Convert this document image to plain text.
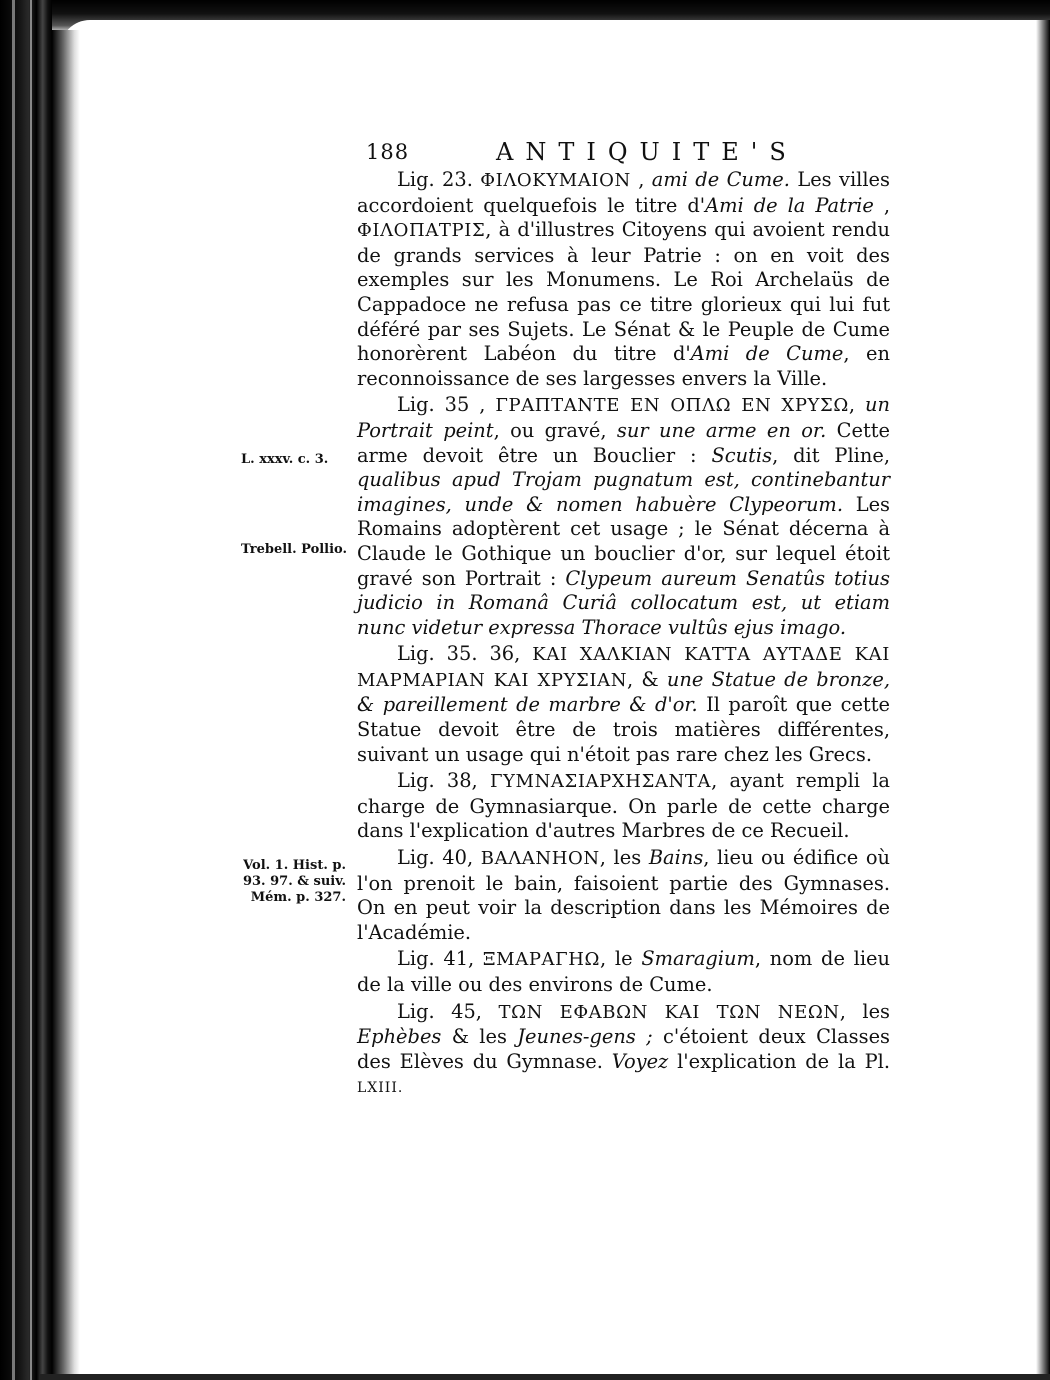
188	ANTIQUITE'S
L. xxxv. c. 3.
Trebell. Pollio.
Vol. 1. Hist. p. 93. 97. & suiv. Mém. p. 327.

Lig. 23. ΦΙΛΟΚΥΜΑΙΟΝ , ami de Cume. Les villes accordoient quelquefois le titre d'Ami de la Patrie , ΦΙΛΟΠΑΤΡΙΣ, à d'illustres Citoyens qui avoient rendu de grands services à leur Patrie : on en voit des exemples sur les Monumens. Le Roi Archelaüs de Cappadoce ne refusa pas ce titre glorieux qui lui fut déféré par ses Sujets. Le Sénat & le Peuple de Cume honorèrent Labéon du titre d'Ami de Cume, en reconnoissance de ses largesses envers la Ville.

Lig. 35 , ΓΡΑΠΤΑΝΤΕ ΕΝ ΟΠΛΩ ΕΝ ΧΡΥΣΩ, un Portrait peint, ou gravé, sur une arme en or. Cette arme devoit être un Bouclier : Scutis, dit Pline, qualibus apud Trojam pugnatum est, continebantur imagines, unde & nomen habuère Clypeorum. Les Romains adoptèrent cet usage ; le Sénat décerna à Claude le Gothique un bouclier d'or, sur lequel étoit gravé son Portrait : Clypeum aureum Senatûs totius judicio in Romanâ Curiâ collocatum est, ut etiam nunc videtur expressa Thorace vultûs ejus imago.

Lig. 35. 36, ΚΑΙ ΧΑΛΚΙΑΝ ΚΑΤΤΑ ΑΥΤΑΔΕ ΚΑΙ ΜΑΡΜΑΡΙΑΝ ΚΑΙ ΧΡΥΣΙΑΝ, & une Statue de bronze, & pareillement de marbre & d'or. Il paroît que cette Statue devoit être de trois matières différentes, suivant un usage qui n'étoit pas rare chez les Grecs.

Lig. 38, ΓΥΜΝΑΣΙΑΡΧΗΣΑΝΤΑ, ayant rempli la charge de Gymnasiarque. On parle de cette charge dans l'explication d'autres Marbres de ce Recueil.

Lig. 40, ΒΑΛΑΝΗΟΝ, les Bains, lieu ou édifice où l'on prenoit le bain, faisoient partie des Gymnases. On en peut voir la description dans les Mémoires de l'Académie.

Lig. 41, ΞΜΑΡΑΓΗΩ, le Smaragium, nom de lieu de la ville ou des environs de Cume.

Lig. 45, ΤΩΝ ΕΦΑΒΩΝ ΚΑΙ ΤΩΝ ΝΕΩΝ, les Ephèbes & les Jeunes-gens ; c'étoient deux Classes des Elèves du Gymnase. Voyez l'explication de la Pl. LXIII.
